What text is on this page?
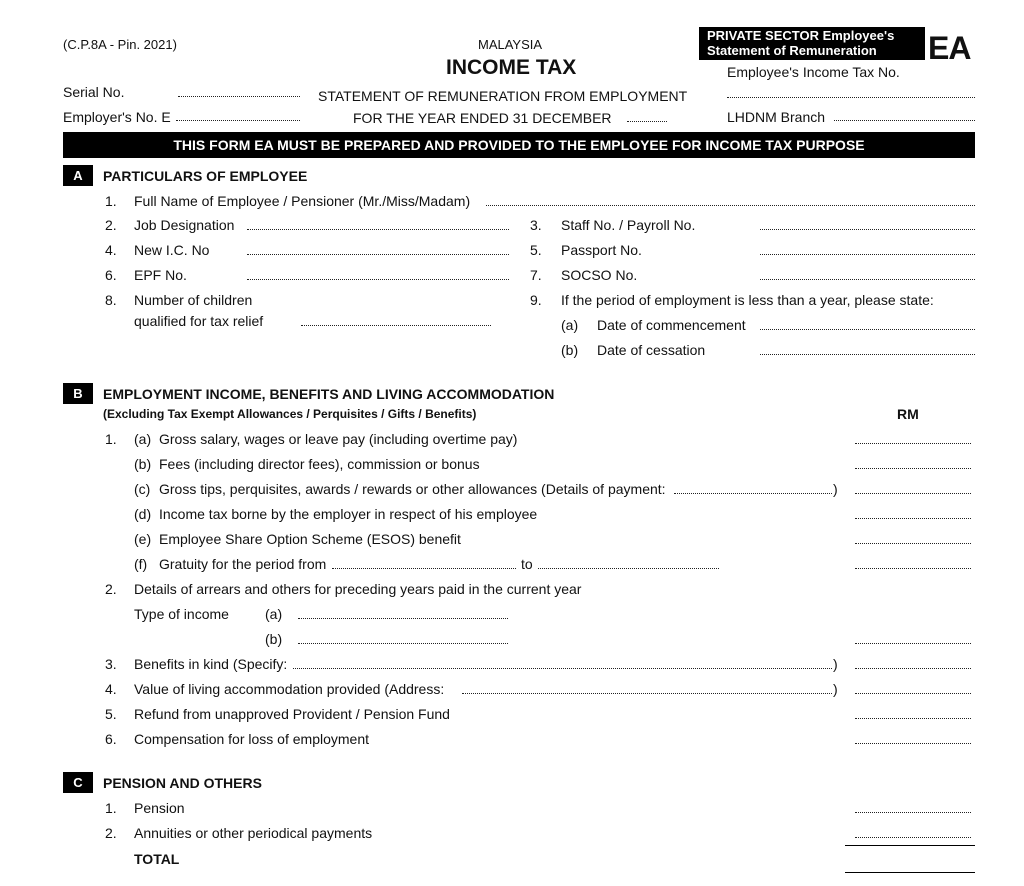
(C.P.8A - Pin. 2021)	MALAYSIA
INCOME TAX
PRIVATE SECTOR Employee's
Statement of Remuneration	EA
Employee's Income Tax No.
Serial No.	STATEMENT OF REMUNERATION FROM EMPLOYMENT
Employer's No. E	FOR THE YEAR ENDED 31 DECEMBER	LHDNM Branch
THIS FORM EA MUST BE PREPARED AND PROVIDED TO THE EMPLOYEE FOR INCOME TAX PURPOSE
A	PARTICULARS OF EMPLOYEE
1.	Full Name of Employee / Pensioner (Mr./Miss/Madam)
2.	Job Designation	3.	Staff No. / Payroll No.
4.	New I.C. No	5.	Passport No.
6.	EPF No.	7.	SOCSO No.
8.	Number of children
qualified for tax relief
9.	If the period of employment is less than a year, please state:
(a) Date of commencement
(b) Date of cessation
B	EMPLOYMENT INCOME, BENEFITS AND LIVING ACCOMMODATION
(Excluding Tax Exempt Allowances / Perquisites / Gifts / Benefits)	RM
1.	(a) Gross salary, wages or leave pay (including overtime pay)
(b) Fees (including director fees), commission or bonus
(c) Gross tips, perquisites, awards / rewards or other allowances (Details of payment:	)
(d) Income tax borne by the employer in respect of his employee
(e) Employee Share Option Scheme (ESOS) benefit
(f) Gratuity for the period from	to
2.	Details of arrears and others for preceding years paid in the current year
Type of income	(a)
(b)
3.	Benefits in kind (Specify:	)
4.	Value of living accommodation provided (Address:	)
5.	Refund from unapproved Provident / Pension Fund
6.	Compensation for loss of employment
C	PENSION AND OTHERS
1.	Pension
2.	Annuities or other periodical payments
TOTAL
